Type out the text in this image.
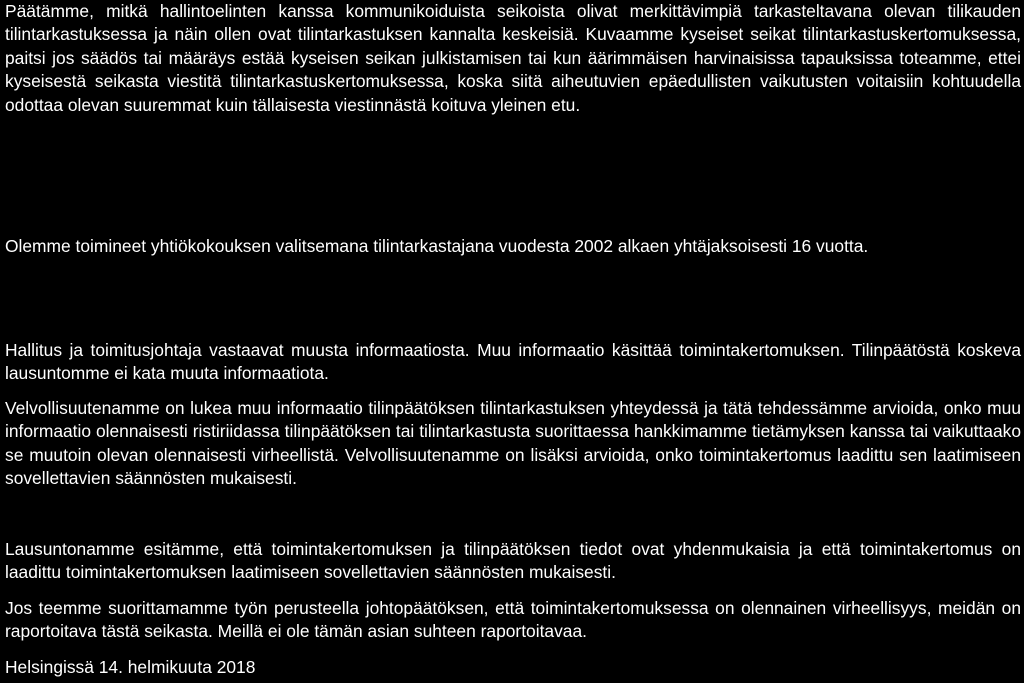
Päätämme, mitkä hallintoelinten kanssa kommunikoiduista seikoista olivat merkittävimpiä tarkasteltavana olevan tilikauden tilintarkastuksessa ja näin ollen ovat tilintarkastuksen kannalta keskeisiä. Kuvaamme kyseiset seikat tilintarkastuskertomuksessa, paitsi jos säädös tai määräys estää kyseisen seikan julkistamisen tai kun äärimmäisen harvinaisissa tapauksissa toteamme, ettei kyseisestä seikasta viestitä tilintarkastuskertomuksessa, koska siitä aiheutuvien epäedullisten vaikutusten voitaisiin kohtuudella odottaa olevan suuremmat kuin tällaisesta viestinnästä koituva yleinen etu.

Olemme toimineet yhtiökokouksen valitsemana tilintarkastajana vuodesta 2002 alkaen yhtäjaksoisesti 16 vuotta.

Hallitus ja toimitusjohtaja vastaavat muusta informaatiosta. Muu informaatio käsittää toimintakertomuksen. Tilinpäätöstä koskeva lausuntomme ei kata muuta informaatiota.

Velvollisuutenamme on lukea muu informaatio tilinpäätöksen tilintarkastuksen yhteydessä ja tätä tehdessämme arvioida, onko muu informaatio olennaisesti ristiriidassa tilinpäätöksen tai tilintarkastusta suorittaessa hankkimamme tietämyksen kanssa tai vaikuttaako se muutoin olevan olennaisesti virheellistä. Velvollisuutenamme on lisäksi arvioida, onko toimintakertomus laadittu sen laatimiseen sovellettavien säännösten mukaisesti.

Lausuntonamme esitämme, että toimintakertomuksen ja tilinpäätöksen tiedot ovat yhdenmukaisia ja että toimintakertomus on laadittu toimintakertomuksen laatimiseen sovellettavien säännösten mukaisesti.

Jos teemme suorittamamme työn perusteella johtopäätöksen, että toimintakertomuksessa on olennainen virheellisyys, meidän on raportoitava tästä seikasta. Meillä ei ole tämän asian suhteen raportoitavaa.

Helsingissä 14. helmikuuta 2018
